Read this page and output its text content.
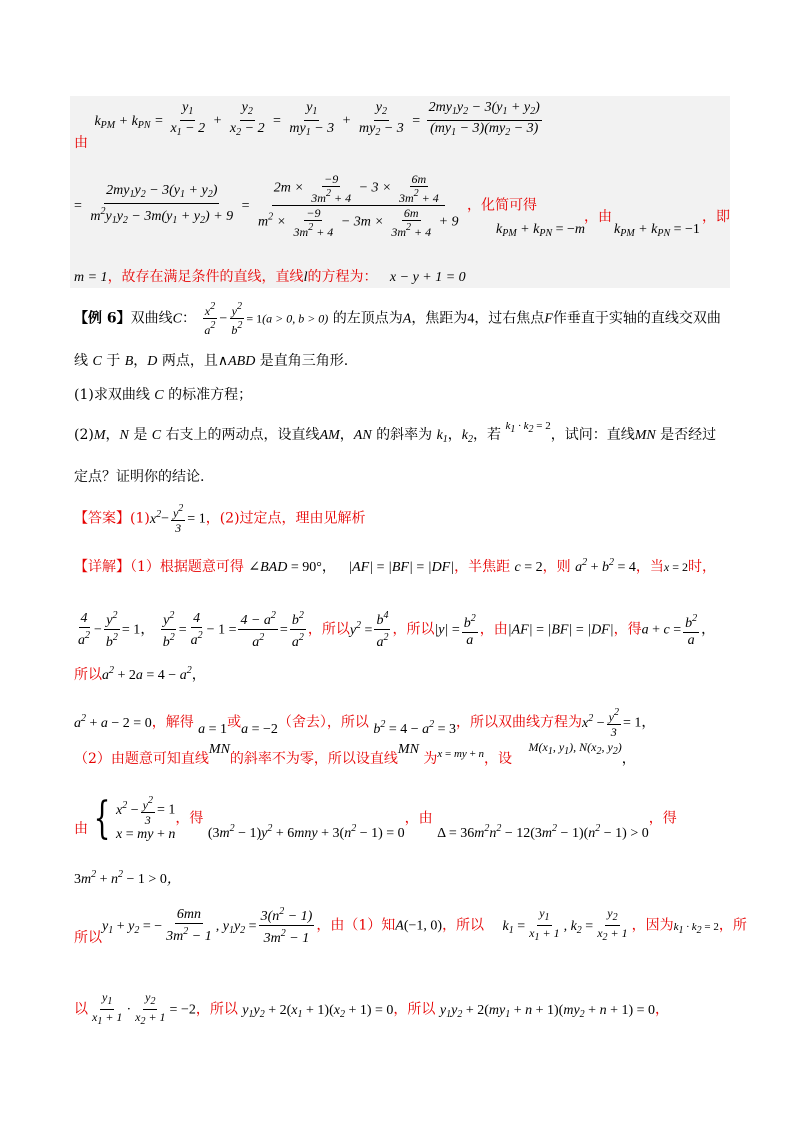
由 $k_{PM} + k_{PN} = \frac{y_1}{x_1 - 2} + \frac{y_2}{x_2 - 2} = \frac{y_1}{my_1 - 3} + \frac{y_2}{my_2 - 3} = \frac{2my_1y_2 - 3(y_1 + y_2)}{(my_1 - 3)(my_2 - 3)}$
= $\frac{2my_1y_2 - 3(y_1 + y_2)}{m^2y_1y_2 - 3m(y_1 + y_2) + 9} = \frac{2m \times \frac{-9}{3m^2 + 4} - 3 \times \frac{6m}{3m^2 + 4}}{m^2 \times \frac{-9}{3m^2 + 4} - 3m \times \frac{6m}{3m^2 + 4} + 9}$ ，化简可得
$k_{PM} + k_{PN} = -m$
，由
$k_{PM} + k_{PN} = -1$
，即
m = 1，故存在满足条件的直线，直线l的方程为： x − y + 1 = 0
【例 6】双曲线C： $\frac{x^2}{a^2} - \frac{y^2}{b^2} = 1(a > 0$, b > 0) 的左顶点为A，焦距为4，过右焦点F作垂直于实轴的直线交双曲
线 C 于 B，D 两点，且∧ABD 是直角三角形.
(1)求双曲线 C 的标准方程；
(2)M，N 是 C 右支上的两动点，设直线AM，AN 的斜率为 $k_1$，$k_2$，若 $^{k1 \cdot k2 = 2}$，试问：直线MN 是否经过
定点？证明你的结论.
【答案】$(1)x^2- \frac{y^2}{3} = 1$，(2)过定点，理由见解析
【详解】（1）根据题意可得 ∠BAD = 90°， |AF| = |BF| = |DF|，半焦距 c = 2，则 $a^2 + b^2 = 4$，当x = 2时，
$\frac{4}{a^2} - \frac{y^2}{b^2} = 1$， $\frac{y^2}{b^2} = \frac{4}{a^2} - 1 = \frac{4 - a^2}{a^2} = \frac{b^2}{a^2}$ ，所以$y^2 = \frac{b^4}{a^2}$ ，所以$|y| = \frac{b^2}{a}$ ，由|AF| = |BF| = |DF|，得$a + c = \frac{b^2}{a}$ ，
所以$a^2 + 2a = 4 - a^2$，
$a^2 + a - 2 = 0$，解得 a = 1或a = −2（舍去），所以 $b^2 = 4 - a^2 = 3$，所以双曲线方程为$x^2 - \frac{y^2}{3} = 1$，
（2）由题意可知直线MN的斜率不为零，所以设直线MN 为$^{x = my + n}$，设 $M(x_1$, $y_1$), $N(x_2$, $y_2$)，
由 { $x^2 - \frac{y^2}{3} = 1$
x = my + n
，得 $(3m^2 - 1)y^2 + 6mny + 3(n^2 - 1) = 0$，由 $\Delta = 36m^2n^2 - 12(3m^2 - 1)(n^2 - 1) > 0$，得
$3m^2 + n^2 - 1 > 0$，
所以$y_1 + y_2$ = − $\frac{6mn}{3m^2 - 1}$ , $y_1y_2 = \frac{3(n^2 - 1)}{3m^2 - 1}$ ，由（1）知A(−1, 0)，所以 $k_1 = \frac{y_1}{x_1 + 1}$ , $k_2 = \frac{y_2}{x_2 + 1}$ ，因为k1 · k2 = 2，所
以 $\frac{y_1}{x_1 + 1} \cdot \frac{y_2}{x_2 + 1} = -2$，所以 $y_1y_2 + 2(x_1 + 1)(x_2 + 1) = 0$，所以 $y_1y_2 + 2(my_1 + n + 1)(my_2 + n + 1) = 0$，
